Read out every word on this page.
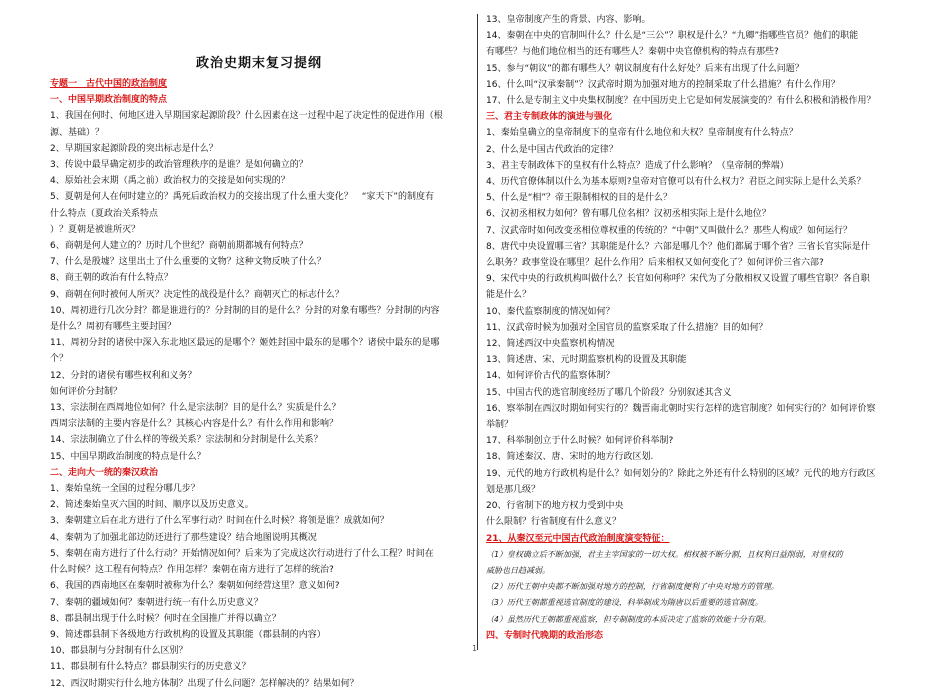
政治史期末复习提纲
专题一　古代中国的政治制度
一、中国早期政治制度的特点
1、我国在何时、何地区进入早期国家起源阶段？什么因素在这一过程中起了决定性的促进作用（根
源、基础）？
2、早期国家起源阶段的突出标志是什么？
3、传说中最早确定初步的政治管理秩序的是谁？是如何确立的？
4、原始社会末期（禹之前）政治权力的交接是如何实现的？
5、夏朝是何人在何时建立的？禹死后政治权力的交接出现了什么重大变化？　“家天下”的制度有
什么特点（夏政治关系特点
）？夏朝是被谁所灭？
6、商朝是何人建立的？历时几个世纪？商朝前期都城有何特点？
7、什么是殷墟？这里出土了什么重要的文物？这种文物反映了什么？
8、商王朝的政治有什么特点？
9、商朝在何时被何人所灭？决定性的战役是什么？商朝灭亡的标志什么？
10、周初进行几次分封？都是谁进行的？分封制的目的是什么？分封的对象有哪些？分封制的内容
是什么？周初有哪些主要封国？
11、周初分封的诸侯中深入东北地区最远的是哪个？姬姓封国中最东的是哪个？诸侯中最东的是哪
个？
12、分封的诸侯有哪些权利和义务？
如何评价分封制？
13、宗法制在西周地位如何？什么是宗法制？目的是什么？实质是什么？
西周宗法制的主要内容是什么？其核心内容是什么？有什么作用和影响？
14、宗法制确立了什么样的等级关系？宗法制和分封制是什么关系？
15、中国早期政治制度的特点是什么？
二、走向大一统的秦汉政治
1、秦始皇统一全国的过程分哪几步？
2、简述秦始皇灭六国的时间、顺序以及历史意义。
3、秦朝建立后在北方进行了什么军事行动？时间在什么时候？将领是谁？成就如何？
4、秦朝为了加强北部边防还进行了那些建设？结合地图说明其概况
5、秦朝在南方进行了什么行动？开始情况如何？后来为了完成这次行动进行了什么工程？时间在
什么时候？这工程有何特点？作用怎样？秦朝在南方进行了怎样的统治?
6、我国的西南地区在秦朝时被称为什么？秦朝如何经营这里？意义如何?
7、秦朝的疆域如何？秦朝进行统一有什么历史意义？
8、郡县制出现于什么时候？何时在全国推广并得以确立？
9、简述郡县制下各级地方行政机构的设置及其职能（郡县制的内容）
10、郡县制与分封制有什么区别？
11、郡县制有什么特点？郡县制实行的历史意义？
12、西汉时期实行什么地方体制？出现了什么问题？怎样解决的？结果如何？
13、皇帝制度产生的背景、内容、影响。
14、秦朝在中央的官制叫什么？什么是“三公”？职权是什么？“九卿”指哪些官员？他们的职能
有哪些？与他们地位相当的还有哪些人？秦朝中央官僚机构的特点有那些?
15、参与“朝议”的都有哪些人？朝议制度有什么好处？后来有出现了什么问题？
16、什么叫“汉承秦制”？汉武帝时期为加强对地方的控制采取了什么措施？有什么作用？
17、什么是专制主义中央集权制度？在中国历史上它是如何发展演变的？有什么积极和消极作用？
三、君主专制政体的演进与强化
1、秦始皇确立的皇帝制度下的皇帝有什么地位和大权？皇帝制度有什么特点？
2、什么是中国古代政治的定律？
3、君主专制政体下的皇权有什么特点？造成了什么影响？（皇帝制的弊端）
4、历代官僚体制以什么为基本原则?皇帝对官僚可以有什么权力？君臣之间实际上是什么关系？
5、什么是“相”？帝王限制相权的目的是什么？
6、汉初丞相权力如何？曾有哪几位名相？汉初丞相实际上是什么地位？
7、汉武帝时如何改变丞相位尊权重的传统的？“中朝”又叫做什么？那些人构成？如何运行？
8、唐代中央设置哪三省？其职能是什么？六部是哪几个？他们都属于哪个省？三省长官实际是什
么职务？政事堂设在哪里？起什么作用？后来相权又如何变化了？如何评价三省六部?
9、宋代中央的行政机构叫做什么？长官如何称呼？宋代为了分散相权又设置了哪些官职？各自职
能是什么？
10、秦代监察制度的情况如何？
11、汉武帝时候为加强对全国官员的监察采取了什么措施？目的如何？
12、简述西汉中央监察机构情况
13、简述唐、宋、元时期监察机构的设置及其职能
14、如何评价古代的监察体制？
15、中国古代的选官制度经历了哪几个阶段？分别叙述其含义
16、察举制在西汉时期如何实行的？魏晋南北朝时实行怎样的选官制度？如何实行的？如何评价察
举制？
17、科举制创立于什么时候？如何评价科举制?
18、简述秦汉、唐、宋时的地方行政区划.
19、元代的地方行政机构是什么？如何划分的？除此之外还有什么特别的区域？元代的地方行政区
划是那几级？
20、行省制下的地方权力受到中央
什么限制？行省制度有什么意义？
21、从秦汉至元中国古代政治制度演变特征：
（1）皇权确立后不断加强，君主主宰国家的一切大权。相权被不断分割，且权利日益削弱，对皇权的
威胁也日趋减弱。
（2）历代王朝中央都不断加强对地方的控制，行省制度便利了中央对地方的管理。
（3）历代王朝都重视选官制度的建设，科举制成为隋唐以后重要的选官制度。
（4）虽然历代王朝都重视监察，但专制制度的本质决定了监察的效能十分有限。
四、专制时代晚期的政治形态
1
